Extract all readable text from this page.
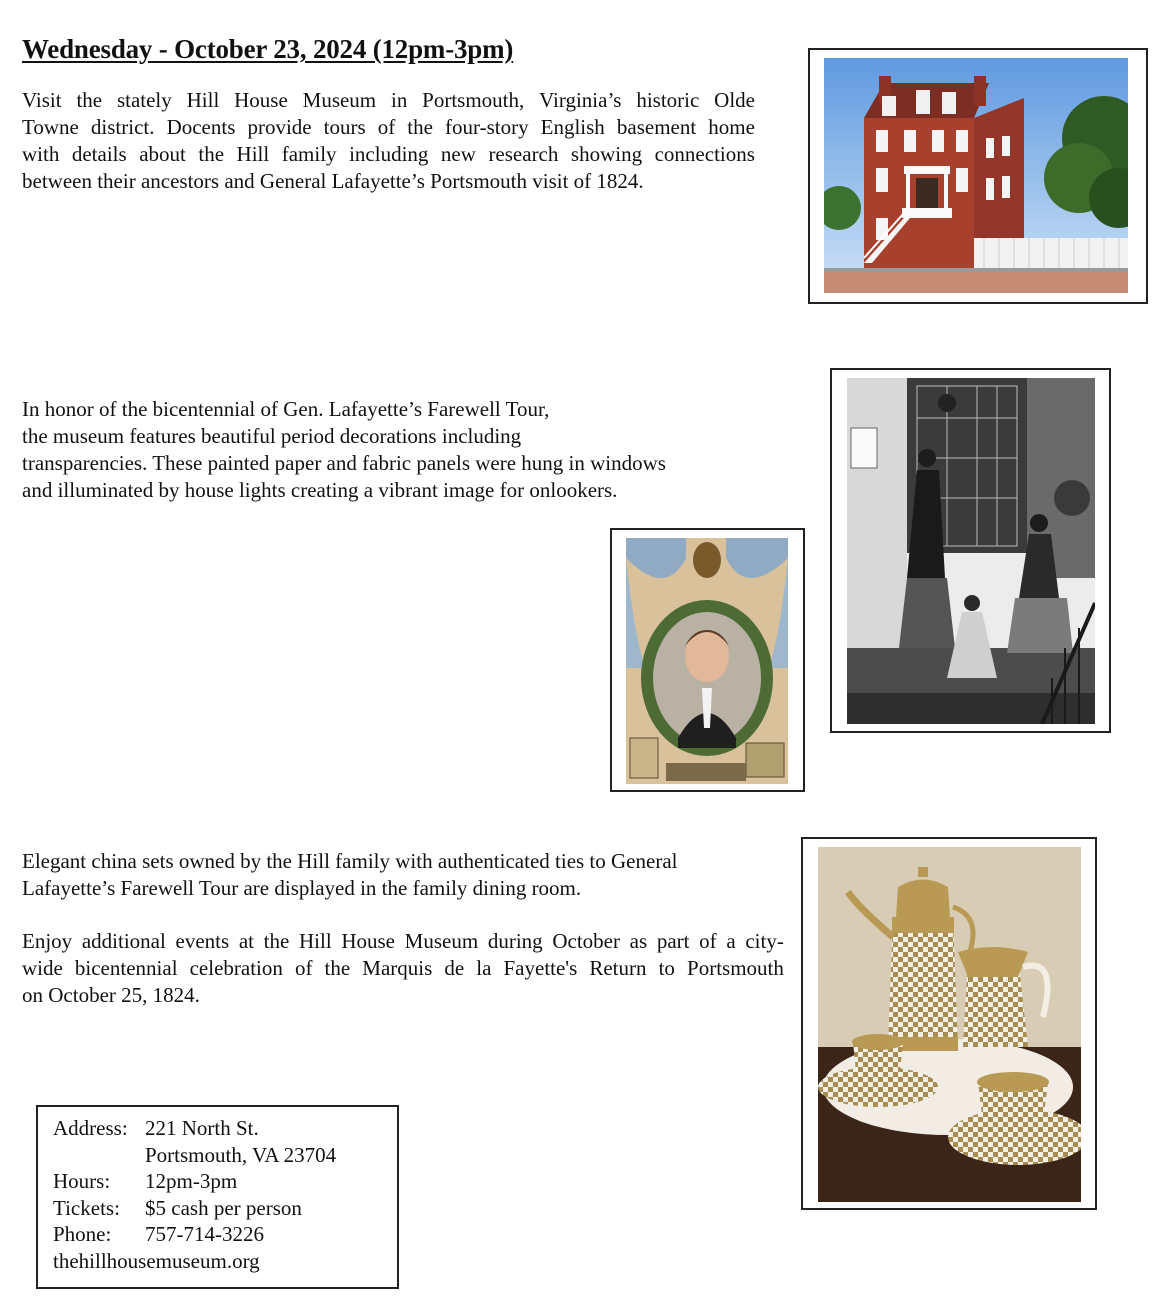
Wednesday - October 23, 2024 (12pm-3pm)
Visit the stately Hill House Museum in Portsmouth, Virginia’s historic Olde
Towne district. Docents provide tours of the four-story English basement home
with details about the Hill family including new research showing connections
between their ancestors and General Lafayette’s Portsmouth visit of 1824.
In honor of the bicentennial of Gen. Lafayette’s Farewell Tour,
the museum features beautiful period decorations including
transparencies. These painted paper and fabric panels were hung in windows
and illuminated by house lights creating a vibrant image for onlookers.
Elegant china sets owned by the Hill family with authenticated ties to General
Lafayette’s Farewell Tour are displayed in the family dining room.
Enjoy additional events at the Hill House Museum during October as part of a city-
wide bicentennial celebration of the Marquis de la Fayette's Return to Portsmouth
on October 25, 1824.
Address: 221 North St.
Portsmouth, VA 23704
Hours:	12pm-3pm
Tickets:	$5 cash per person
Phone:	757-714-3226
thehillhousemuseum.org
